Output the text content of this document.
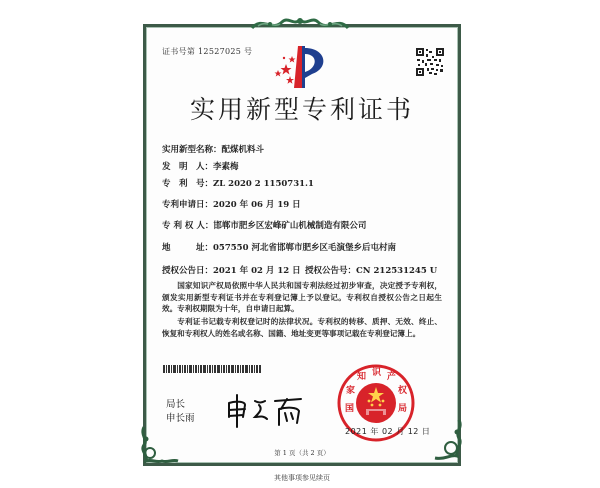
证书号第 12527025 号
实用新型专利证书
实用新型名称：配煤机料斗
发　明　人：李素梅
专　利　号：ZL 2020 2 1150731.1
专利申请日：2020 年 06 月 19 日
专 利 权 人：邯郸市肥乡区宏峰矿山机械制造有限公司
地　　　址：057550 河北省邯郸市肥乡区毛演堡乡后屯村南
授权公告日：2021 年 02 月 12 日 授权公告号：CN 212531245 U
国家知识产权局依照中华人民共和国专利法经过初步审查，决定授予专利权，颁发实用新型专利证书并在专利登记簿上予以登记。专利权自授权公告之日起生效。专利权期限为十年，自申请日起算。
专利证书记载专利权登记时的法律状况。专利权的转移、质押、无效、终止、恢复和专利权人的姓名或名称、国籍、地址变更等事项记载在专利登记簿上。
局长
申长雨
国
家
知 识 产
权
局
2021 年 02 月 12 日
第 1 页（共 2 页）
其他事项参见续页
